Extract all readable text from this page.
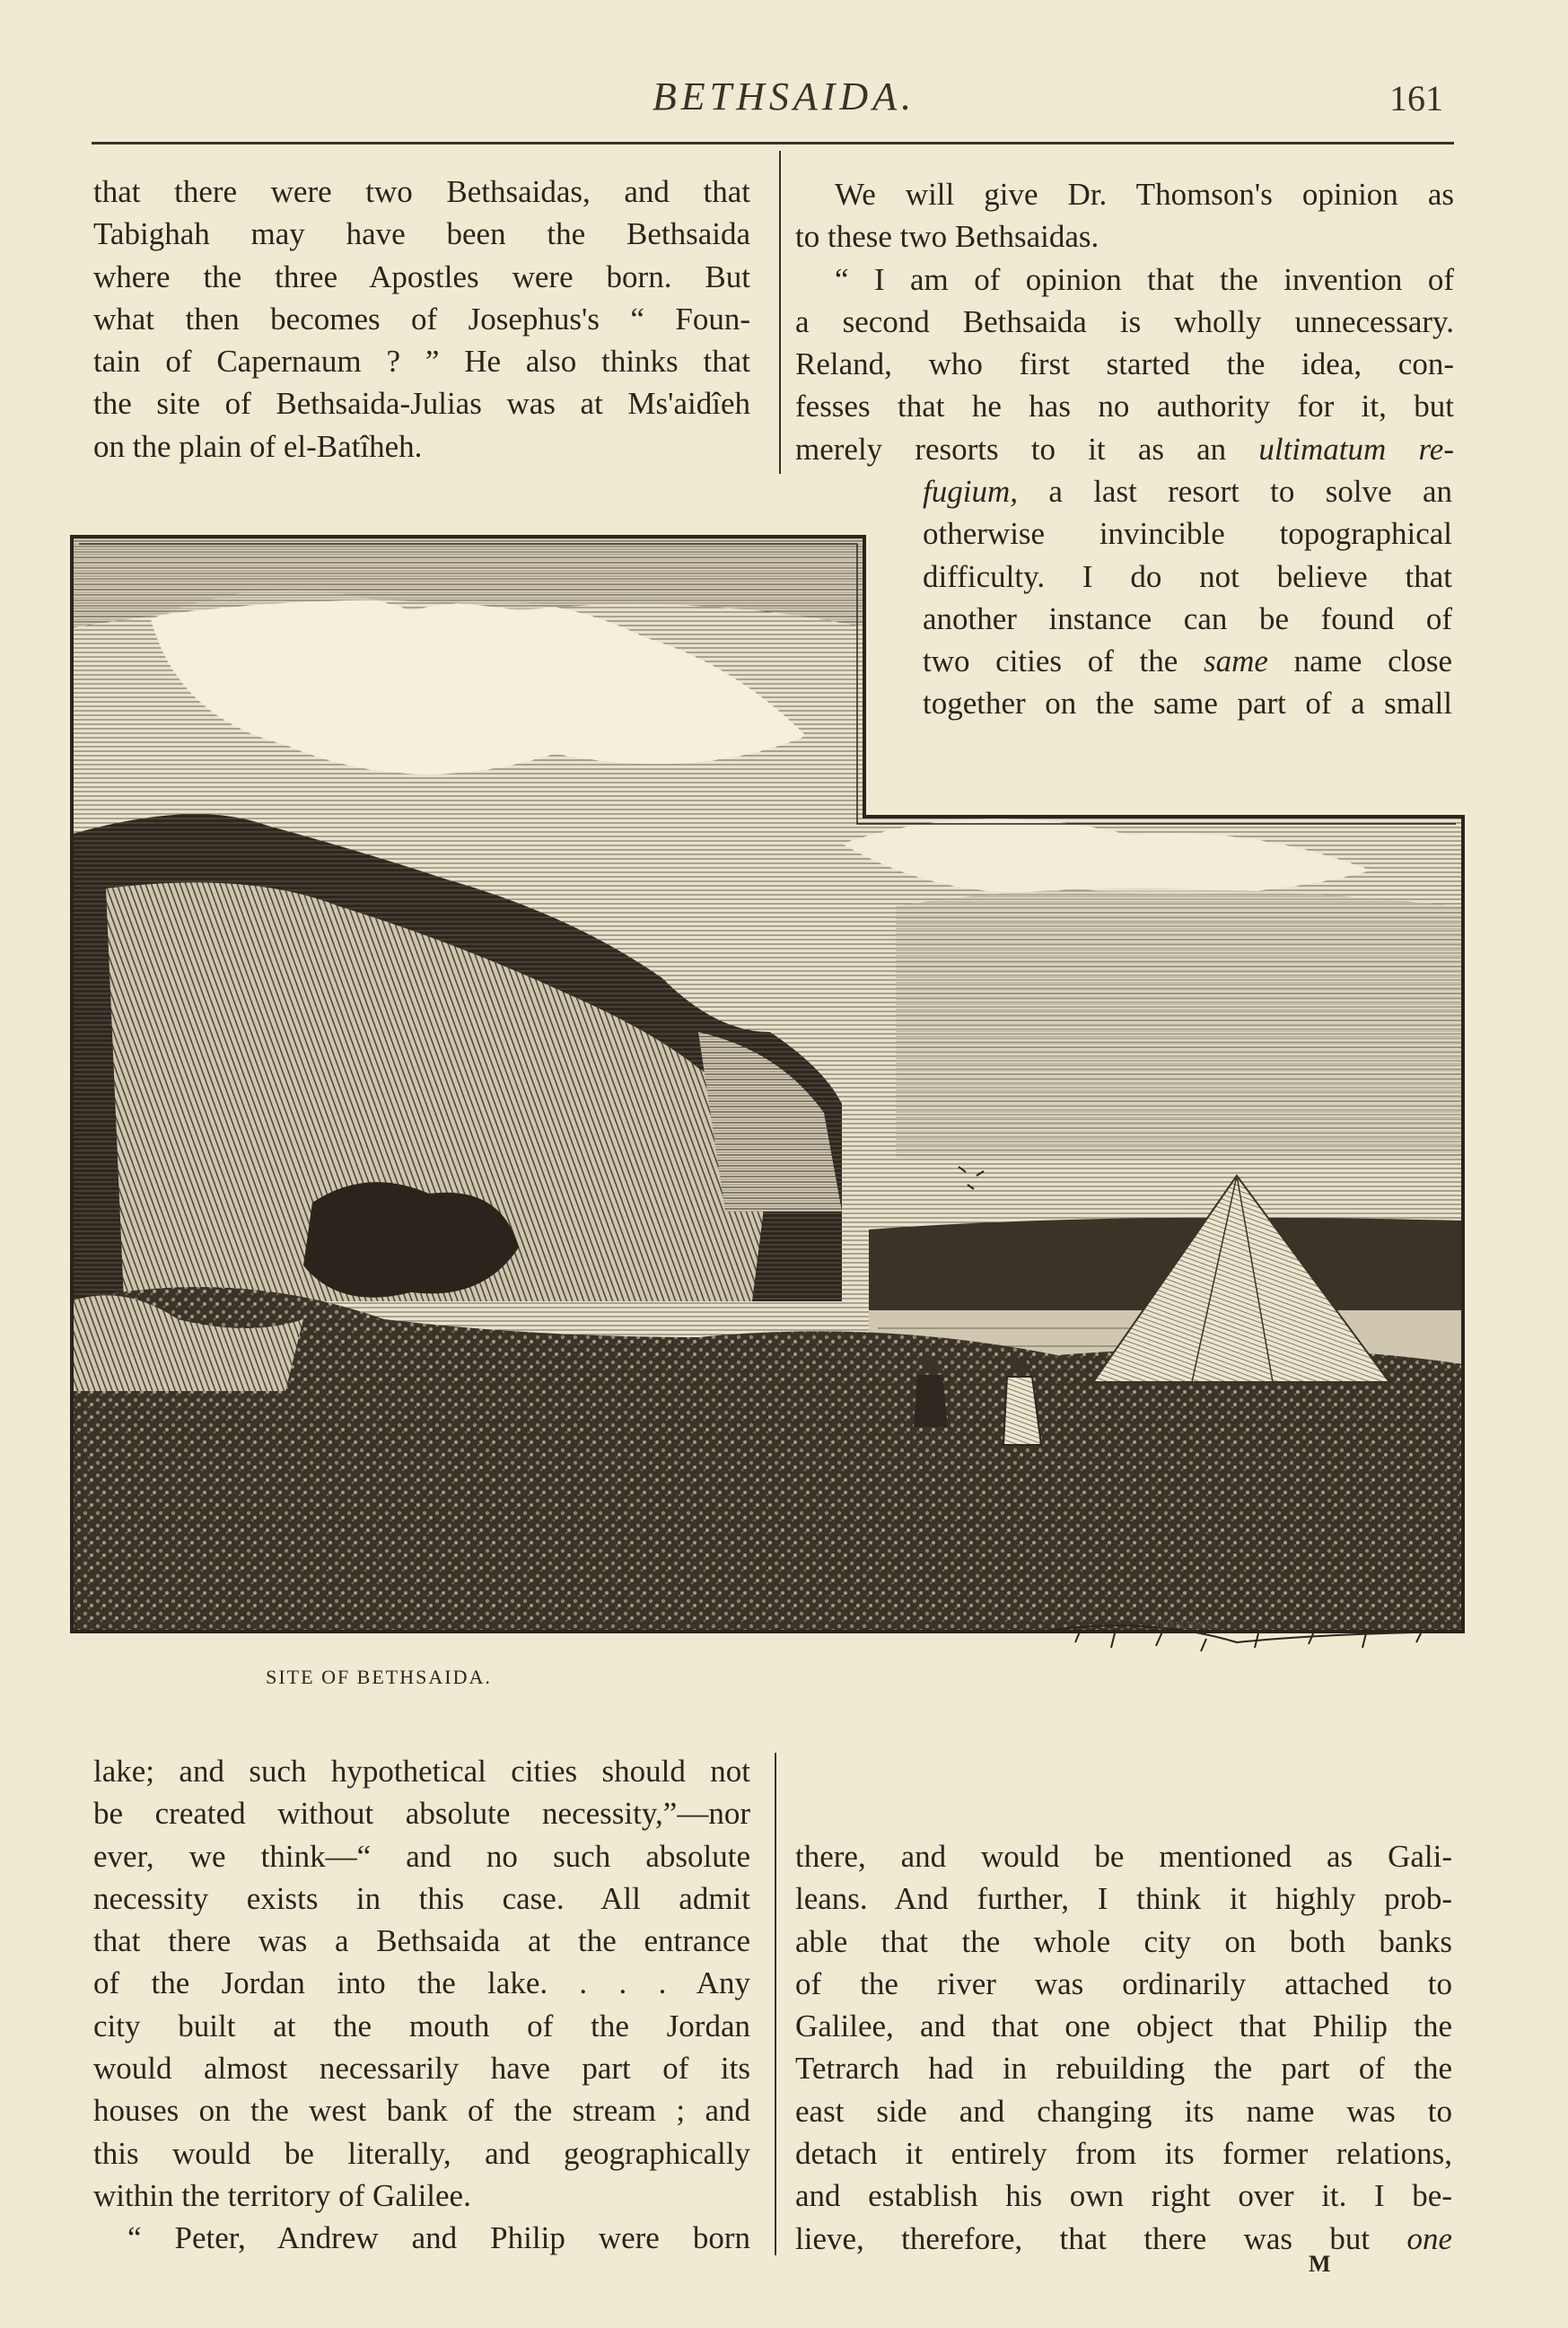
BETHSAIDA.	161
that there were two Bethsaidas, and that
Tabighah may have been the Bethsaida
where the three Apostles were born. But
what then becomes of Josephus's “ Foun-
tain of Capernaum ? ” He also thinks that
the site of Bethsaida-Julias was at Ms'aidîeh
on the plain of el-Batîheh.
We will give Dr. Thomson's opinion as
to these two Bethsaidas.
“ I am of opinion that the invention of
a second Bethsaida is wholly unnecessary.
Reland, who first started the idea, con-
fesses that he has no authority for it, but
merely resorts to it as an ultimatum re-
fugium, a last resort to solve an
otherwise invincible topographical
difficulty. I do not believe that
another instance can be found of
two cities of the same name close
together on the same part of a small
CHARLTON Sc.
SITE OF BETHSAIDA.
lake; and such hypothetical cities should not
be created without absolute necessity,”—nor
ever, we think—“ and no such absolute
necessity exists in this case. All admit
that there was a Bethsaida at the entrance
of the Jordan into the lake. . . . Any
city built at the mouth of the Jordan
would almost necessarily have part of its
houses on the west bank of the stream ; and
this would be literally, and geographically
within the territory of Galilee.
“ Peter, Andrew and Philip were born
there, and would be mentioned as Gali-
leans. And further, I think it highly prob-
able that the whole city on both banks
of the river was ordinarily attached to
Galilee, and that one object that Philip the
Tetrarch had in rebuilding the part of the
east side and changing its name was to
detach it entirely from its former relations,
and establish his own right over it. I be-
lieve, therefore, that there was but one
M
